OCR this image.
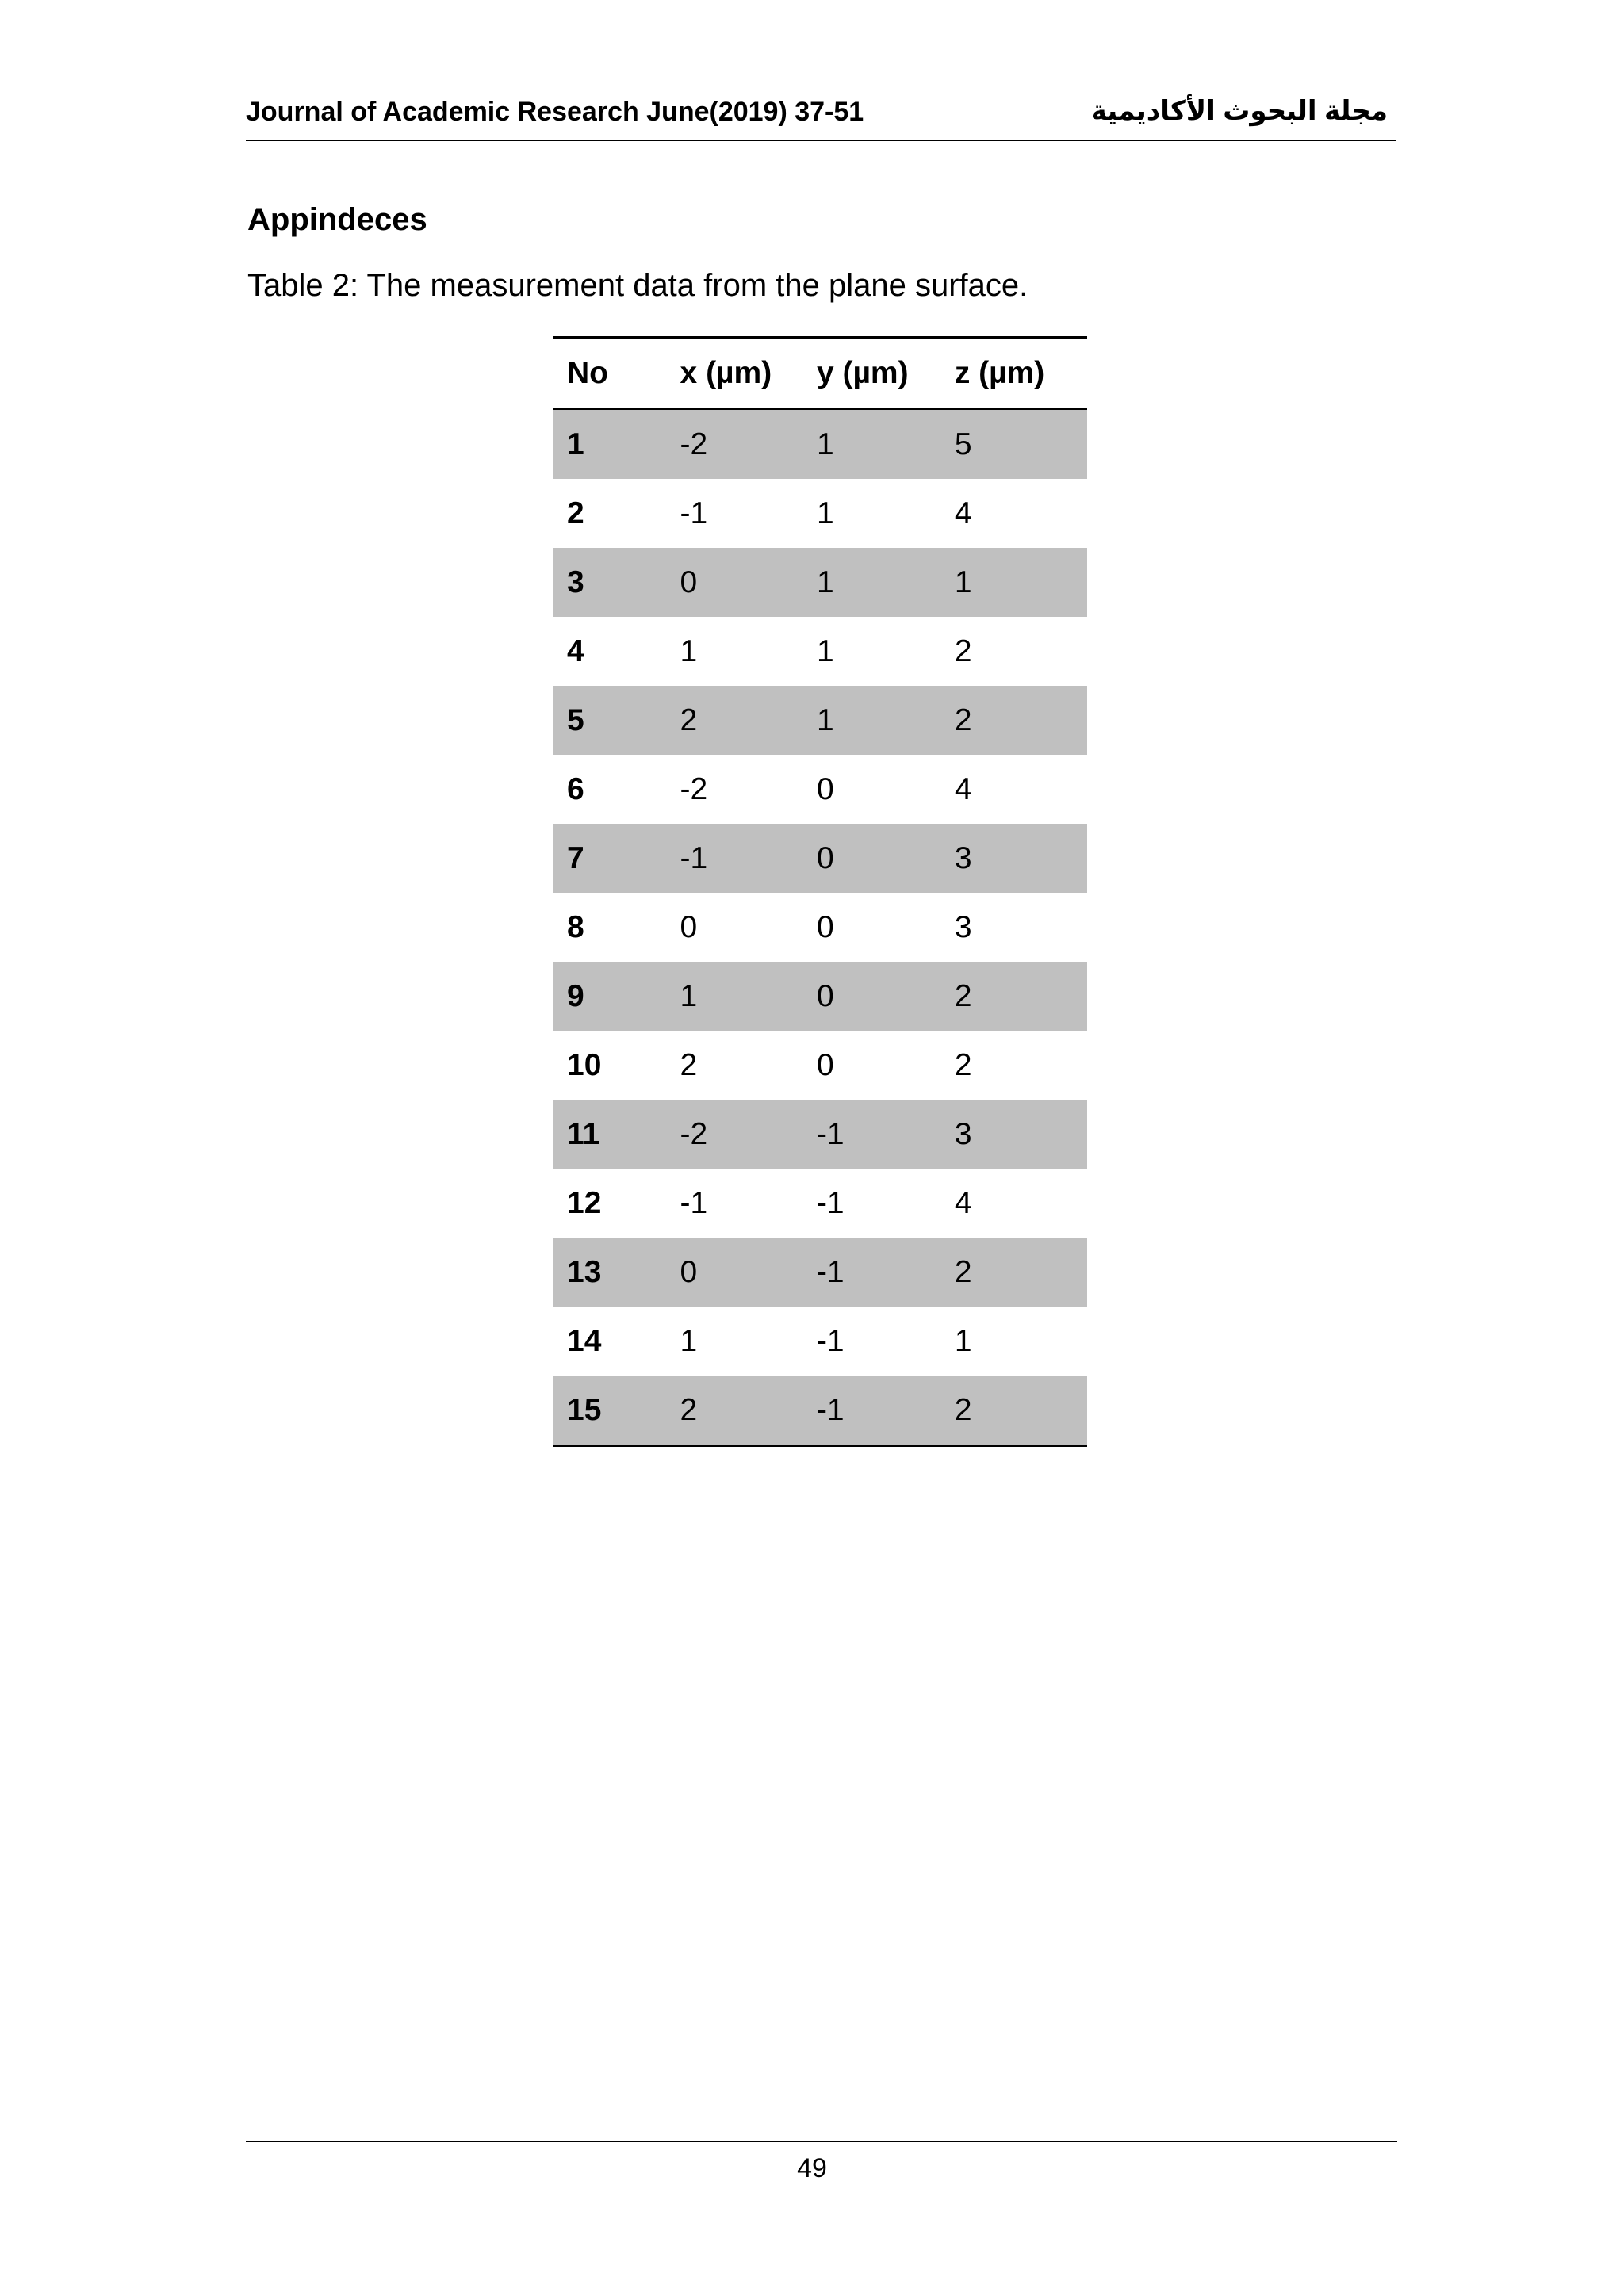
Journal of Academic Research June(2019) 37-51	مجلة البحوث الأكاديمية
Appindeces
Table 2: The measurement data from the plane surface.
No	x (µm)	y (µm)	z (µm)
1	-2	1	5
2	-1	1	4
3	0	1	1
4	1	1	2
5	2	1	2
6	-2	0	4
7	-1	0	3
8	0	0	3
9	1	0	2
10	2	0	2
11	-2	-1	3
12	-1	-1	4
13	0	-1	2
14	1	-1	1
15	2	-1	2
49
